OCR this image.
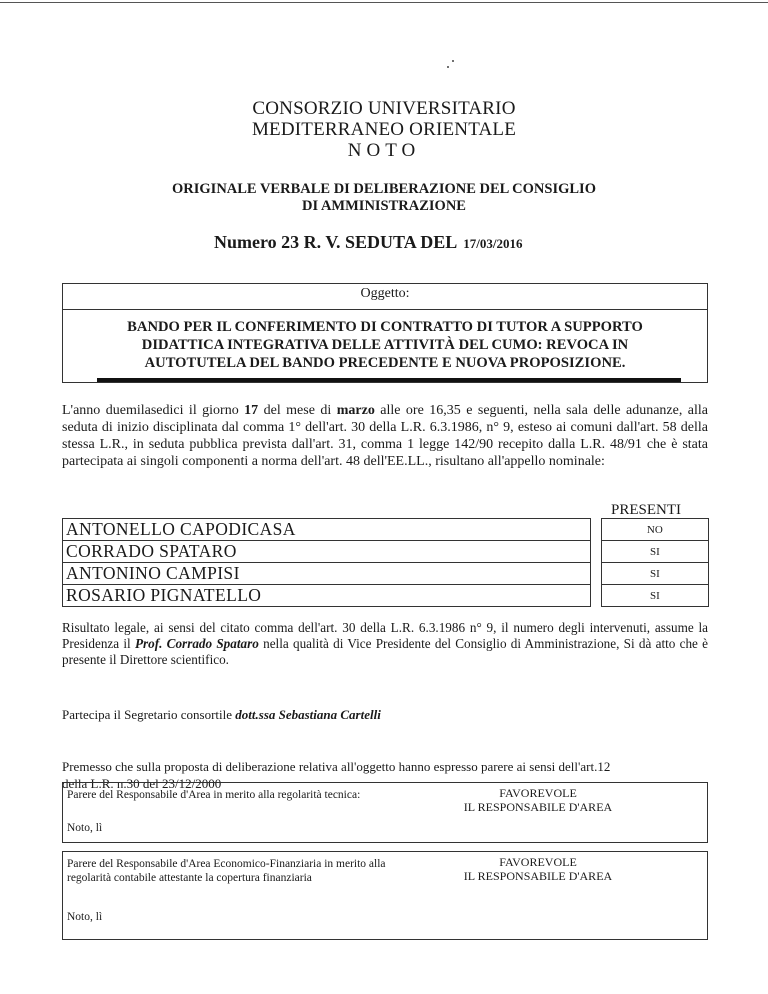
CONSORZIO UNIVERSITARIO
MEDITERRANEO ORIENTALE
NOTO
ORIGINALE VERBALE DI DELIBERAZIONE DEL CONSIGLIO
DI AMMINISTRAZIONE
Numero 23 R. V. SEDUTA DEL 17/03/2016
Oggetto:
BANDO PER IL CONFERIMENTO DI CONTRATTO DI TUTOR A SUPPORTO
DIDATTICA INTEGRATIVA DELLE ATTIVITÀ DEL CUMO: REVOCA IN
AUTOTUTELA DEL BANDO PRECEDENTE E NUOVA PROPOSIZIONE.
L'anno duemilasedici il giorno 17 del mese di marzo alle ore 16,35 e seguenti, nella sala delle adunanze, alla seduta di inizio disciplinata dal comma 1° dell'art. 30 della L.R. 6.3.1986, n° 9, esteso ai comuni dall'art. 58 della stessa L.R., in seduta pubblica prevista dall'art. 31, comma 1 legge 142/90 recepito dalla L.R. 48/91 che è stata partecipata ai singoli componenti a norma dell'art. 48 dell'EE.LL., risultano all'appello nominale:
PRESENTI
ANTONELLO CAPODICASA		NO
CORRADO SPATARO		SI
ANTONINO CAMPISI		SI
ROSARIO PIGNATELLO		SI
Risultato legale, ai sensi del citato comma dell'art. 30 della L.R. 6.3.1986 n° 9, il numero degli intervenuti, assume la Presidenza il Prof. Corrado Spataro nella qualità di Vice Presidente del Consiglio di Amministrazione, Si dà atto che è presente il Direttore scientifico.
Partecipa il Segretario consortile dott.ssa Sebastiana Cartelli
Premesso che sulla proposta di deliberazione relativa all'oggetto hanno espresso parere ai sensi dell'art.12 della L.R. n.30 del 23/12/2000
Parere del Responsabile d'Area in merito alla regolarità tecnica:	FAVOREVOLE
IL RESPONSABILE D'AREA
Noto, lì
Parere del Responsabile d'Area Economico-Finanziaria in merito alla regolarità contabile attestante la copertura finanziaria
FAVOREVOLE
IL RESPONSABILE D'AREA
Noto, lì
